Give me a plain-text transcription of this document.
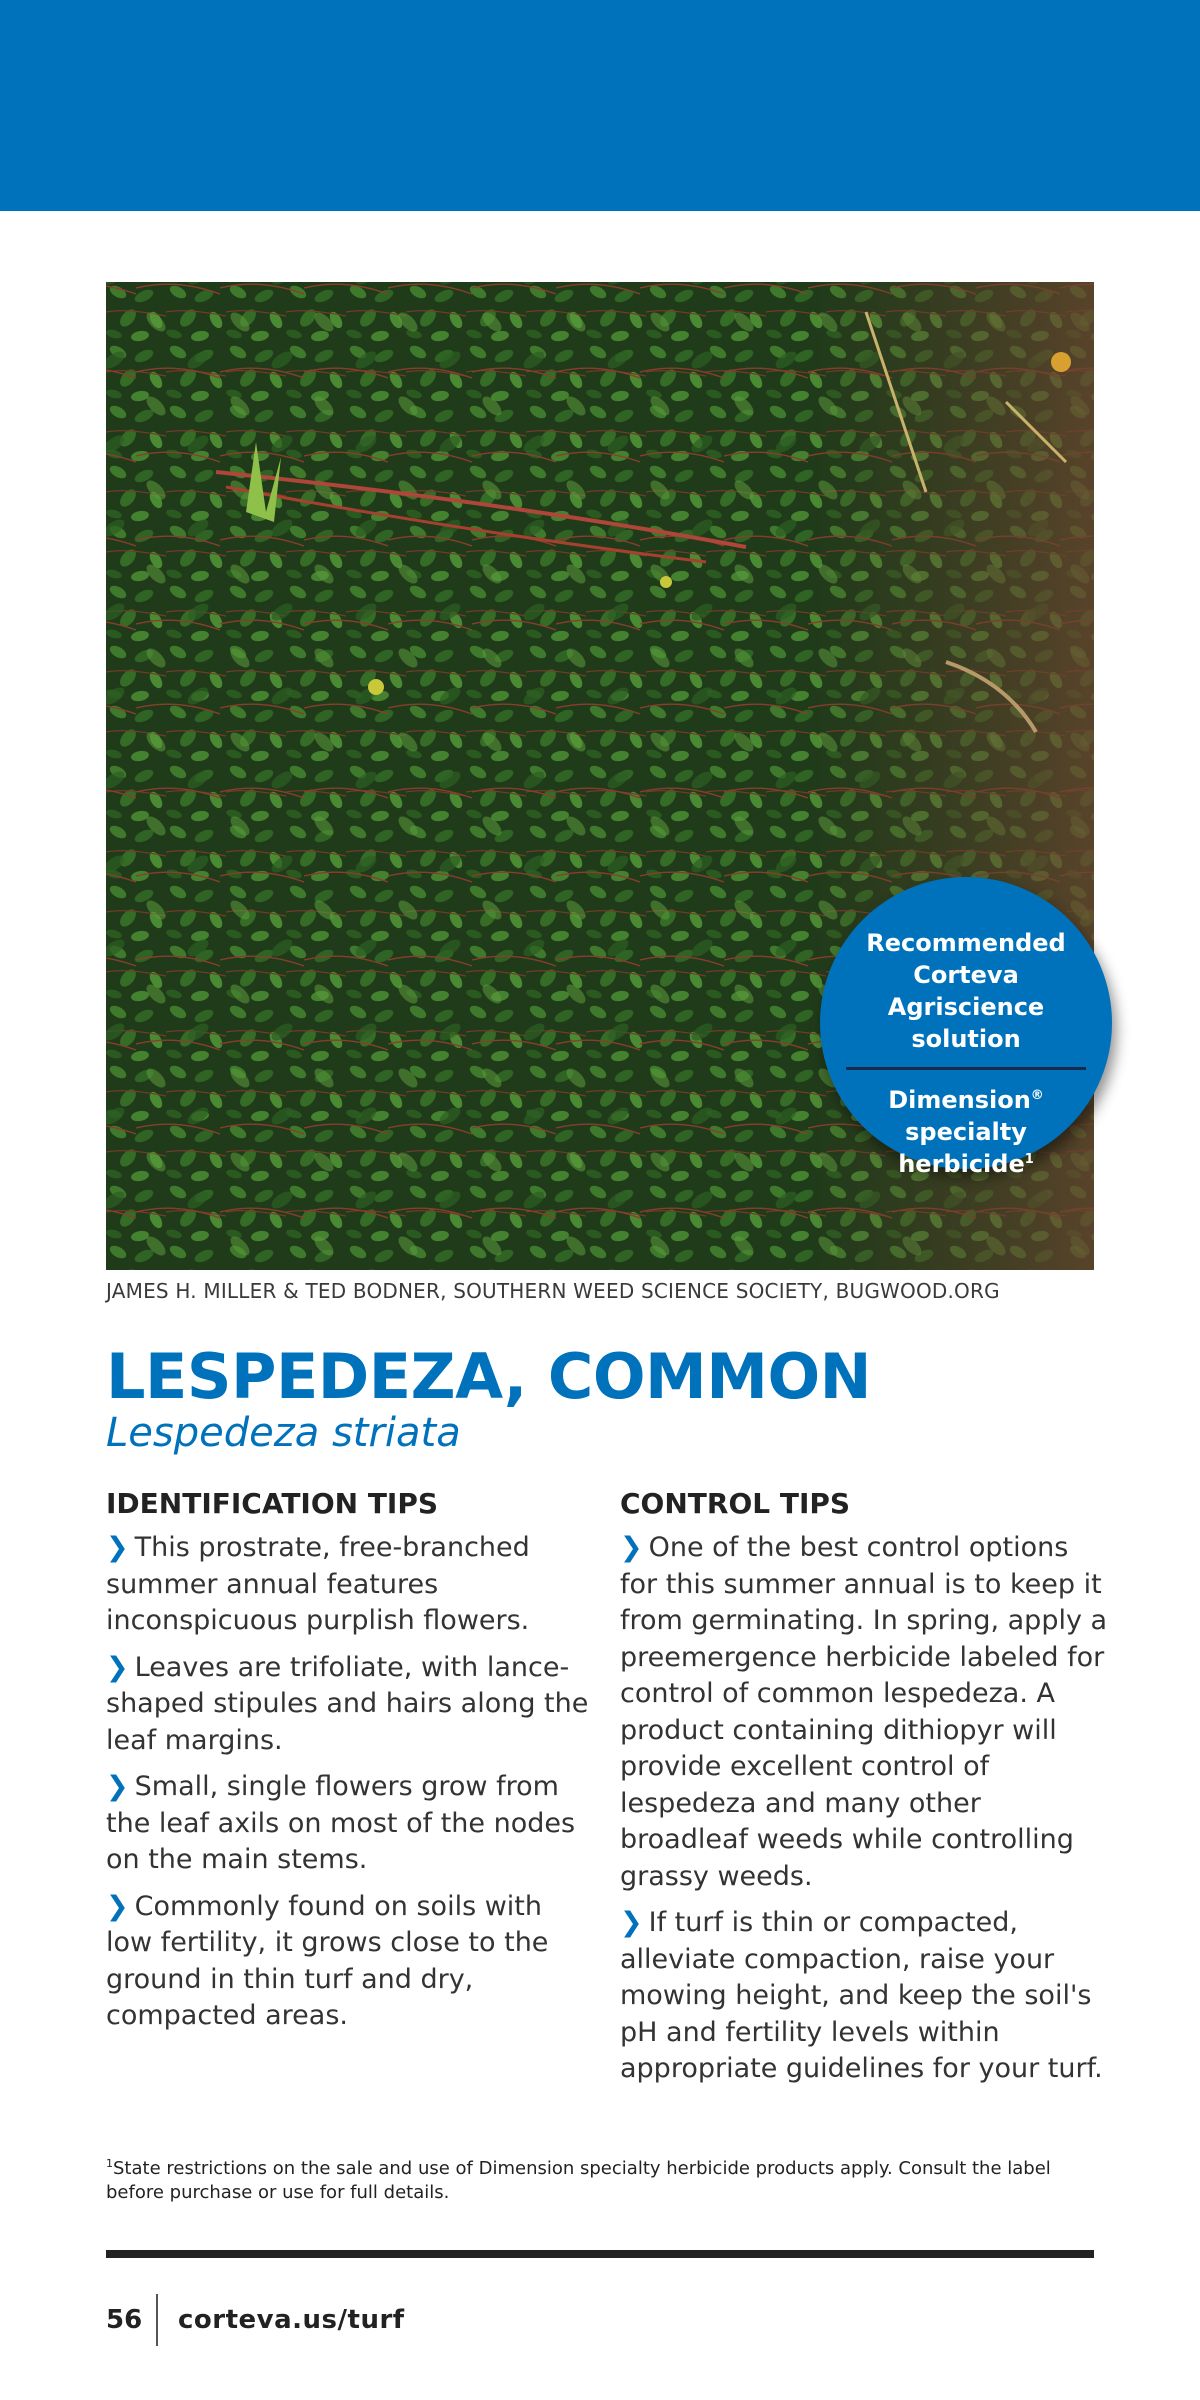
Recommended Corteva Agriscience solution
Dimension® specialty herbicide$^1$
JAMES H. MILLER & TED BODNER, SOUTHERN WEED SCIENCE SOCIETY, BUGWOOD.ORG
LESPEDEZA, COMMON
Lespedeza striata
IDENTIFICATION TIPS

❯ This prostrate, free-branched summer annual features inconspicuous purplish flowers.

❯ Leaves are trifoliate, with lance-shaped stipules and hairs along the leaf margins.

❯ Small, single flowers grow from the leaf axils on most of the nodes on the main stems.

❯ Commonly found on soils with low fertility, it grows close to the ground in thin turf and dry, compacted areas.

CONTROL TIPS

❯ One of the best control options for this summer annual is to keep it from germinating. In spring, apply a preemergence herbicide labeled for control of common lespedeza. A product containing dithiopyr will provide excellent control of lespedeza and many other broadleaf weeds while controlling grassy weeds.

❯ If turf is thin or compacted, alleviate compaction, raise your mowing height, and keep the soil's pH and fertility levels within appropriate guidelines for your turf.

$^1$State restrictions on the sale and use of Dimension specialty herbicide products apply. Consult the label before purchase or use for full details.
56 corteva.us/turf
